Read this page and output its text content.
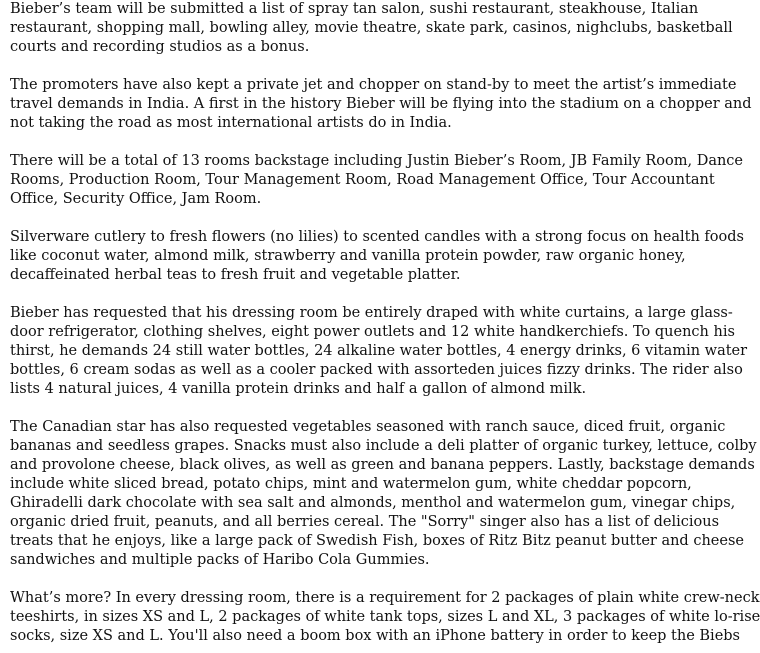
Bieber’s team will be submitted a list of spray tan salon, sushi restaurant, steakhouse, Italian
restaurant, shopping mall, bowling alley, movie theatre, skate park, casinos, nighclubs, basketball
courts and recording studios as a bonus.

The promoters have also kept a private jet and chopper on stand-by to meet the artist’s immediate
travel demands in India. A first in the history Bieber will be flying into the stadium on a chopper and
not taking the road as most international artists do in India.

There will be a total of 13 rooms backstage including Justin Bieber’s Room, JB Family Room, Dance
Rooms, Production Room, Tour Management Room, Road Management Office, Tour Accountant
Office, Security Office, Jam Room.

Silverware cutlery to fresh flowers (no lilies) to scented candles with a strong focus on health foods
like coconut water, almond milk, strawberry and vanilla protein powder, raw organic honey,
decaffeinated herbal teas to fresh fruit and vegetable platter.

Bieber has requested that his dressing room be entirely draped with white curtains, a large glass-
door refrigerator, clothing shelves, eight power outlets and 12 white handkerchiefs. To quench his
thirst, he demands 24 still water bottles, 24 alkaline water bottles, 4 energy drinks, 6 vitamin water
bottles, 6 cream sodas as well as a cooler packed with assorteden juices fizzy drinks. The rider also
lists 4 natural juices, 4 vanilla protein drinks and half a gallon of almond milk.

The Canadian star has also requested vegetables seasoned with ranch sauce, diced fruit, organic
bananas and seedless grapes. Snacks must also include a deli platter of organic turkey, lettuce, colby
and provolone cheese, black olives, as well as green and banana peppers. Lastly, backstage demands
include white sliced bread, potato chips, mint and watermelon gum, white cheddar popcorn,
Ghiradelli dark chocolate with sea salt and almonds, menthol and watermelon gum, vinegar chips,
organic dried fruit, peanuts, and all berries cereal. The "Sorry" singer also has a list of delicious
treats that he enjoys, like a large pack of Swedish Fish, boxes of Ritz Bitz peanut butter and cheese
sandwiches and multiple packs of Haribo Cola Gummies.

What’s more? In every dressing room, there is a requirement for 2 packages of plain white crew-neck
teeshirts, in sizes XS and L, 2 packages of white tank tops, sizes L and XL, 3 packages of white lo-rise
socks, size XS and L. You'll also need a boom box with an iPhone battery in order to keep the Biebs
